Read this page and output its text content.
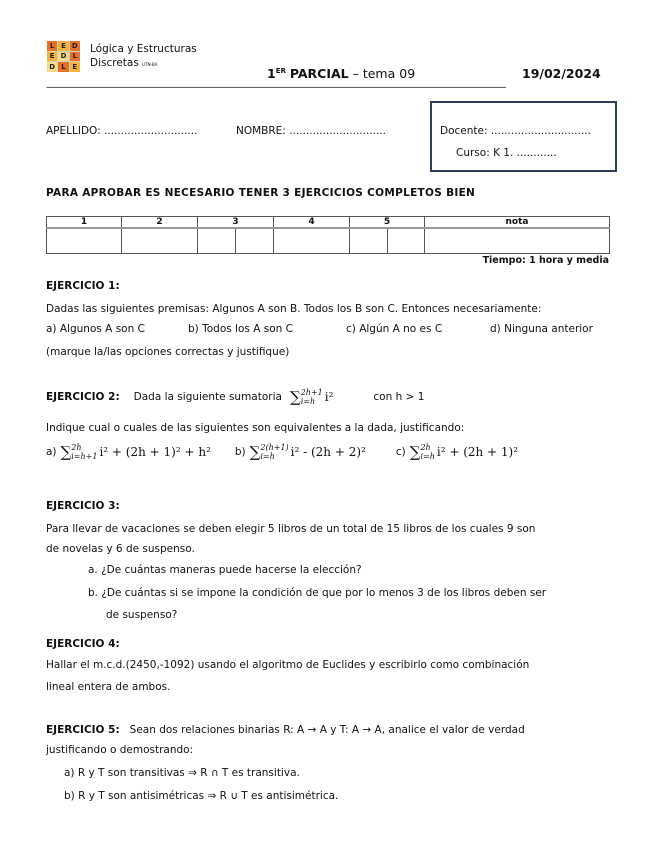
L E D
E D L
D L E
Lógica y Estructuras
Discretas UTN-BA
1ER PARCIAL – tema 09	19/02/2024
——————————————————————————————————————————————————————
APELLIDO: ............................	NOMBRE: .............................	Docente: ..............................
Curso: K 1. ............
PARA APROBAR ES NECESARIO TENER 3 EJERCICIOS COMPLETOS BIEN
1	2	3		4	5		nota

Tiempo: 1 hora y media
EJERCICIO 1:
Dadas las siguientes premisas: Algunos A son B. Todos los B son C. Entonces necesariamente:
a) Algunos A son C	b) Todos los A son C	c) Algún A no es C	d) Ninguna anterior
(marque la/las opciones correctas y justifique)
EJERCICIO 2: Dada la siguiente sumatoria ∑ 2h+1
i=h i²	con h > 1
Indique cual o cuales de las siguientes son equivalentes a la dada, justificando:
a) ∑ 2h
i=h+1 i² + (2h + 1)² + h² b) ∑ 2(h+1)
i=h	i² - (2h + 2)²	c) ∑ 2h
i=h i² + (2h + 1)²
EJERCICIO 3:
Para llevar de vacaciones se deben elegir 5 libros de un total de 15 libros de los cuales 9 son
de novelas y 6 de suspenso.
a. ¿De cuántas maneras puede hacerse la elección?
b. ¿De cuántas si se impone la condición de que por lo menos 3 de los libros deben ser
de suspenso?
EJERCICIO 4:
Hallar el m.c.d.(2450,-1092) usando el algoritmo de Euclides y escribirlo como combinación
lineal entera de ambos.
EJERCICIO 5: Sean dos relaciones binarias R: A → A y T: A → A, analice el valor de verdad
justificando o demostrando:
a) R y T son transitivas ⇒ R ∩ T es transitiva.
b) R y T son antisimétricas ⇒ R ∪ T es antisimétrica.
